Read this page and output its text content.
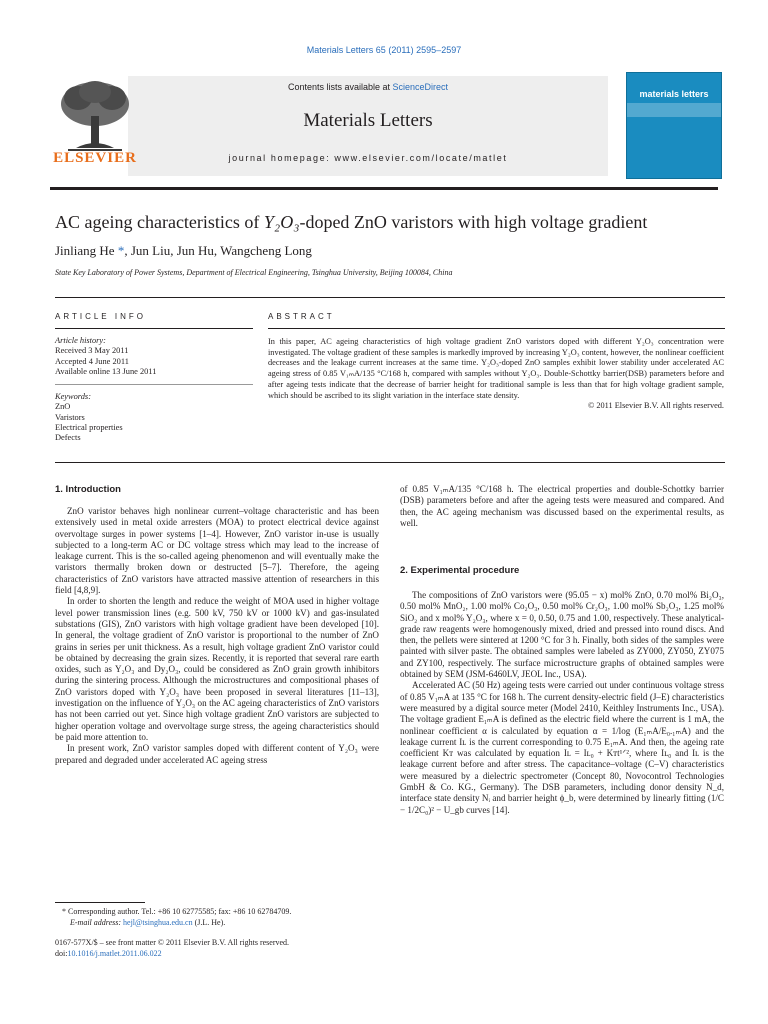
Materials Letters 65 (2011) 2595–2597
Contents lists available at ScienceDirect
Materials Letters
journal homepage: www.elsevier.com/locate/matlet
ELSEVIER
materials letters
AC ageing characteristics of Y₂O₃-doped ZnO varistors with high voltage gradient
Jinliang He *, Jun Liu, Jun Hu, Wangcheng Long
State Key Laboratory of Power Systems, Department of Electrical Engineering, Tsinghua University, Beijing 100084, China
ARTICLE INFO
Article history:
Received 3 May 2011
Accepted 4 June 2011
Available online 13 June 2011
Keywords:
ZnO
Varistors
Electrical properties
Defects
ABSTRACT
In this paper, AC ageing characteristics of high voltage gradient ZnO varistors doped with different Y₂O₃ concentration were investigated. The voltage gradient of these samples is markedly improved by increasing Y₂O₃ content, however, the nonlinear coefficient decreases and the leakage current increases at the same time. Y₂O₃-doped ZnO samples exhibit lower stability under accelerated AC ageing stress of 0.85 V₁ₘA/135 °C/168 h, compared with samples without Y₂O₃. Double-Schottky barrier(DSB) parameters before and after ageing tests indicate that the decrease of barrier height for traditional sample is less than that for high voltage gradient sample, which should be ascribed to its slight variation in the interface state density.
© 2011 Elsevier B.V. All rights reserved.
1. Introduction

ZnO varistor behaves high nonlinear current–voltage characteristic and has been extensively used in metal oxide arresters (MOA) to protect electrical device against overvoltage surges in power systems [1–4]. However, ZnO varistor in-use is usually subjected to a long-term AC or DC voltage stress which may lead to the increase of leakage current. This is the so-called ageing phenomenon and will eventually make the varistors thermally broken down or destructed [5–7]. Therefore, the ageing characteristics of ZnO varistors have attracted massive attention of researchers in this field [4,8,9].

In order to shorten the length and reduce the weight of MOA used in higher voltage level power transmission lines (e.g. 500 kV, 750 kV or 1000 kV) and gas-insulated substations (GIS), ZnO varistors with high voltage gradient have been developed [10]. In general, the voltage gradient of ZnO varistor is proportional to the number of ZnO grains in series per unit thickness. As a result, high voltage gradient ZnO varistor could be obtained by decreasing the grain sizes. Recently, it is reported that several rare earth oxides, such as Y₂O₃ and Dy₂O₃, could be considered as ZnO grain growth inhibitors during the sintering process. Although the microstructures and compositional phases of ZnO varistors doped with Y₂O₃ have been proposed in several literatures [11–13], investigation on the influence of Y₂O₃ on the AC ageing characteristics of ZnO varistors has not been carried out yet. Since high voltage gradient ZnO varistors are subjected to higher operation voltage and overvoltage surge stress, the ageing characteristics should be paid more attention to.

In present work, ZnO varistor samples doped with different content of Y₂O₃ were prepared and degraded under accelerated AC ageing stress

of 0.85 V₁ₘA/135 °C/168 h. The electrical properties and double-Schottky barrier (DSB) parameters before and after the ageing tests were measured and compared. And then, the AC ageing mechanism was discussed based on the experimental results, as well.

2. Experimental procedure

The compositions of ZnO varistors were (95.05 − x) mol% ZnO, 0.70 mol% Bi₂O₃, 0.50 mol% MnO₂, 1.00 mol% Co₂O₃, 0.50 mol% Cr₂O₃, 1.00 mol% Sb₂O₃, 1.25 mol% SiO₂ and x mol% Y₂O₃, where x = 0, 0.50, 0.75 and 1.00, respectively. These analytical-grade raw reagents were homogenously mixed, dried and pressed into round discs. And then, the pellets were sintered at 1200 °C for 3 h. Finally, both sides of the samples were painted with silver paste. The obtained samples were labeled as ZY000, ZY050, ZY075 and ZY100, respectively. The surface microstructure graphs of obtained samples were obtained by SEM (JSM-6460LV, JEOL Inc., USA).

Accelerated AC (50 Hz) ageing tests were carried out under continuous voltage stress of 0.85 V₁ₘA at 135 °C for 168 h. The current density-electric field (J–E) characteristics were measured by a digital source meter (Model 2410, Keithley Instruments Inc., USA). The voltage gradient E₁ₘA is defined as the electric field where the current is 1 mA, the nonlinear coefficient α is calculated by equation α = 1/log (E₁ₘA/E₀.₁ₘA) and the leakage current Iʟ is the current corresponding to 0.75 E₁ₘA. And then, the ageing rate coefficient Kᴛ was calculated by equation Iʟ = Iʟ₀ + Kᴛt¹ᐟ², where Iʟ₀ and Iʟ is the leakage current before and after stress. The capacitance–voltage (C–V) characteristics were measured by a dielectric spectrometer (Concept 80, Novocontrol Technologies GmbH & Co. KG., Germany). The DSB parameters, including donor density N_d, interface state density Nᵢ and barrier height ϕ_b, were determined by linearly fitting (1/C − 1/2C₀)² − U_gb curves [14].

* Corresponding author. Tel.: +86 10 62775585; fax: +86 10 62784709.
E-mail address: hejl@tsinghua.edu.cn (J.L. He).
0167-577X/$ – see front matter © 2011 Elsevier B.V. All rights reserved.
doi:10.1016/j.matlet.2011.06.022
